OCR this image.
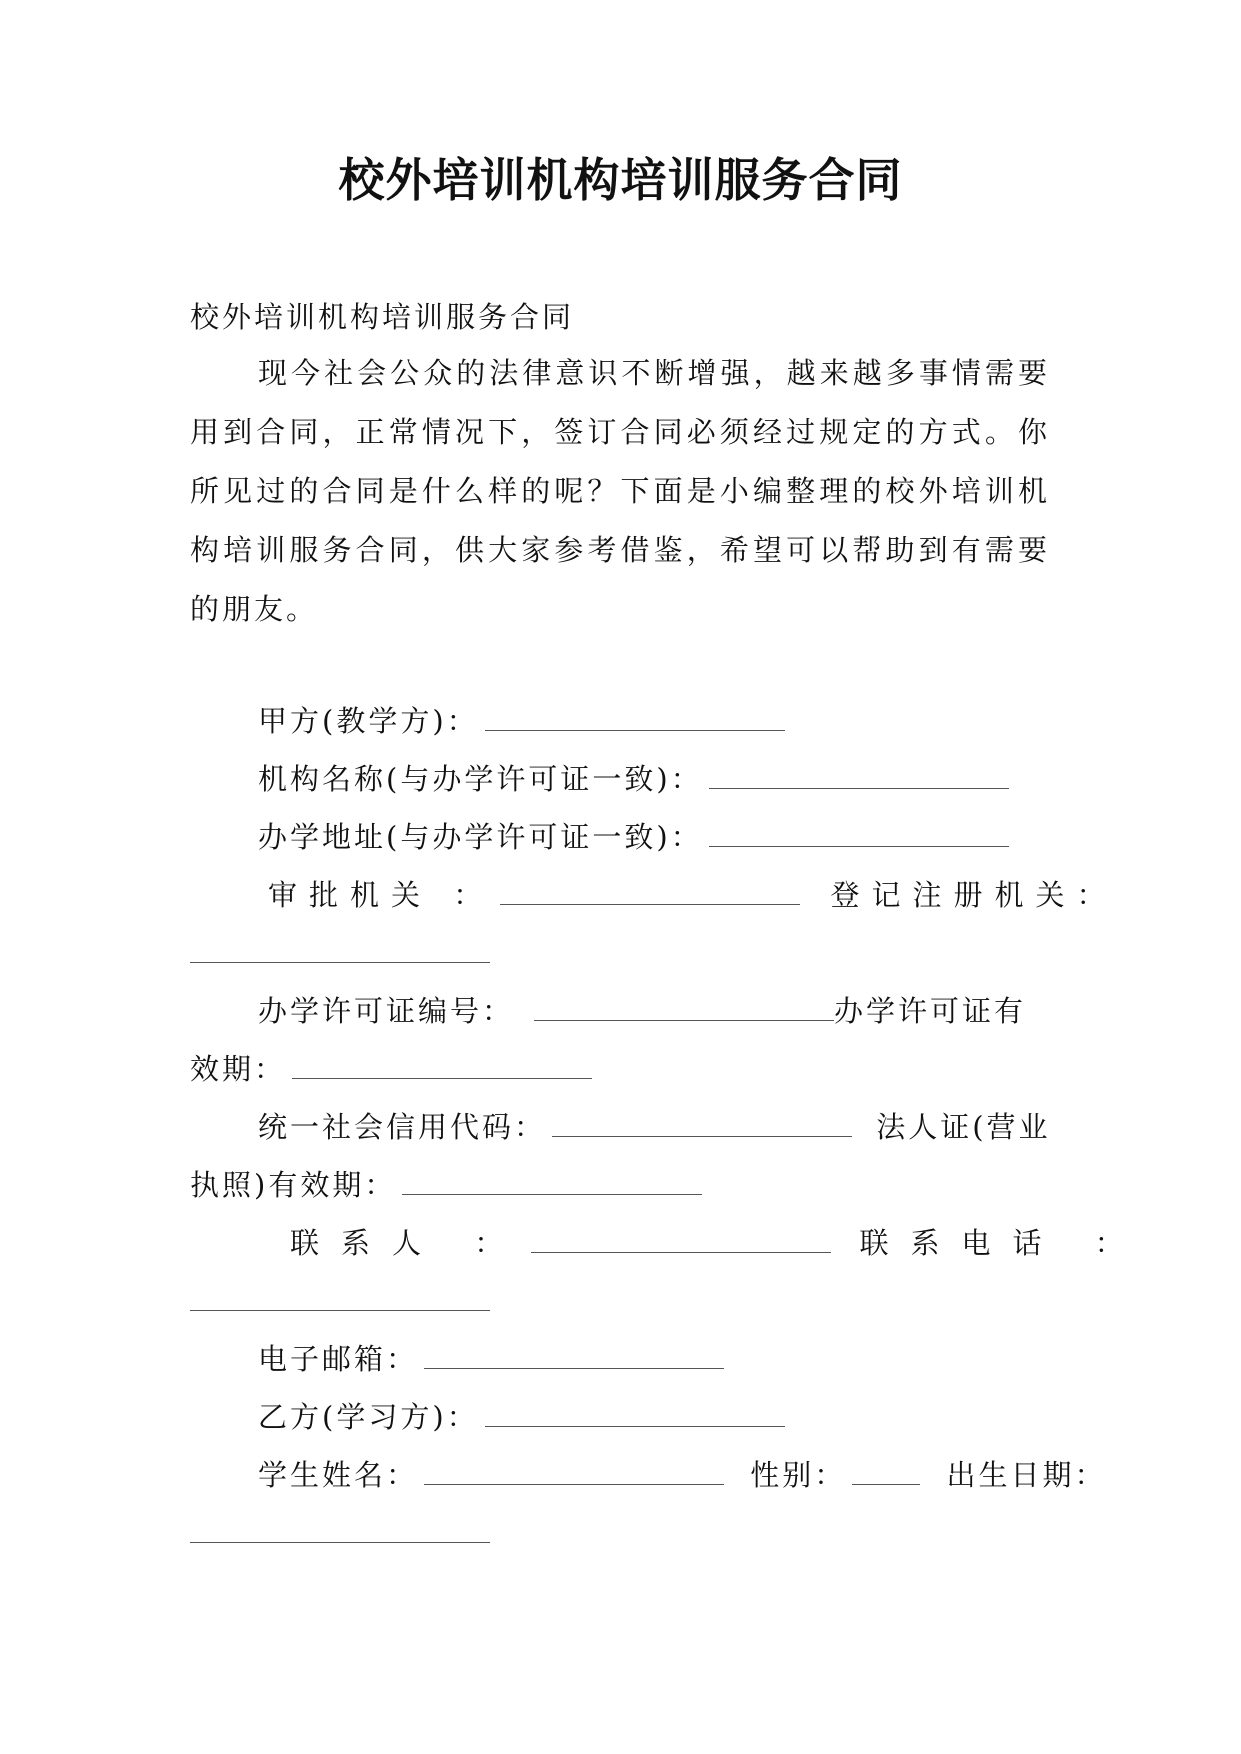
校外培训机构培训服务合同
校外培训机构培训服务合同
现今社会公众的法律意识不断增强，越来越多事情需要用到合同，正常情况下，签订合同必须经过规定的方式。你所见过的合同是什么样的呢？下面是小编整理的校外培训机构培训服务合同，供大家参考借鉴，希望可以帮助到有需要的朋友。
甲方(教学方)：
机构名称(与办学许可证一致)：
办学地址(与办学许可证一致)：
审批机关 ：	登记注册机关：
办学许可证编号：	办学许可证有
效期：
统一社会信用代码：	法人证(营业
执照)有效期：
联系人 ：	联系电话 ：
电子邮箱：
乙方(学习方)：
学生姓名：	性别：	出生日期：
